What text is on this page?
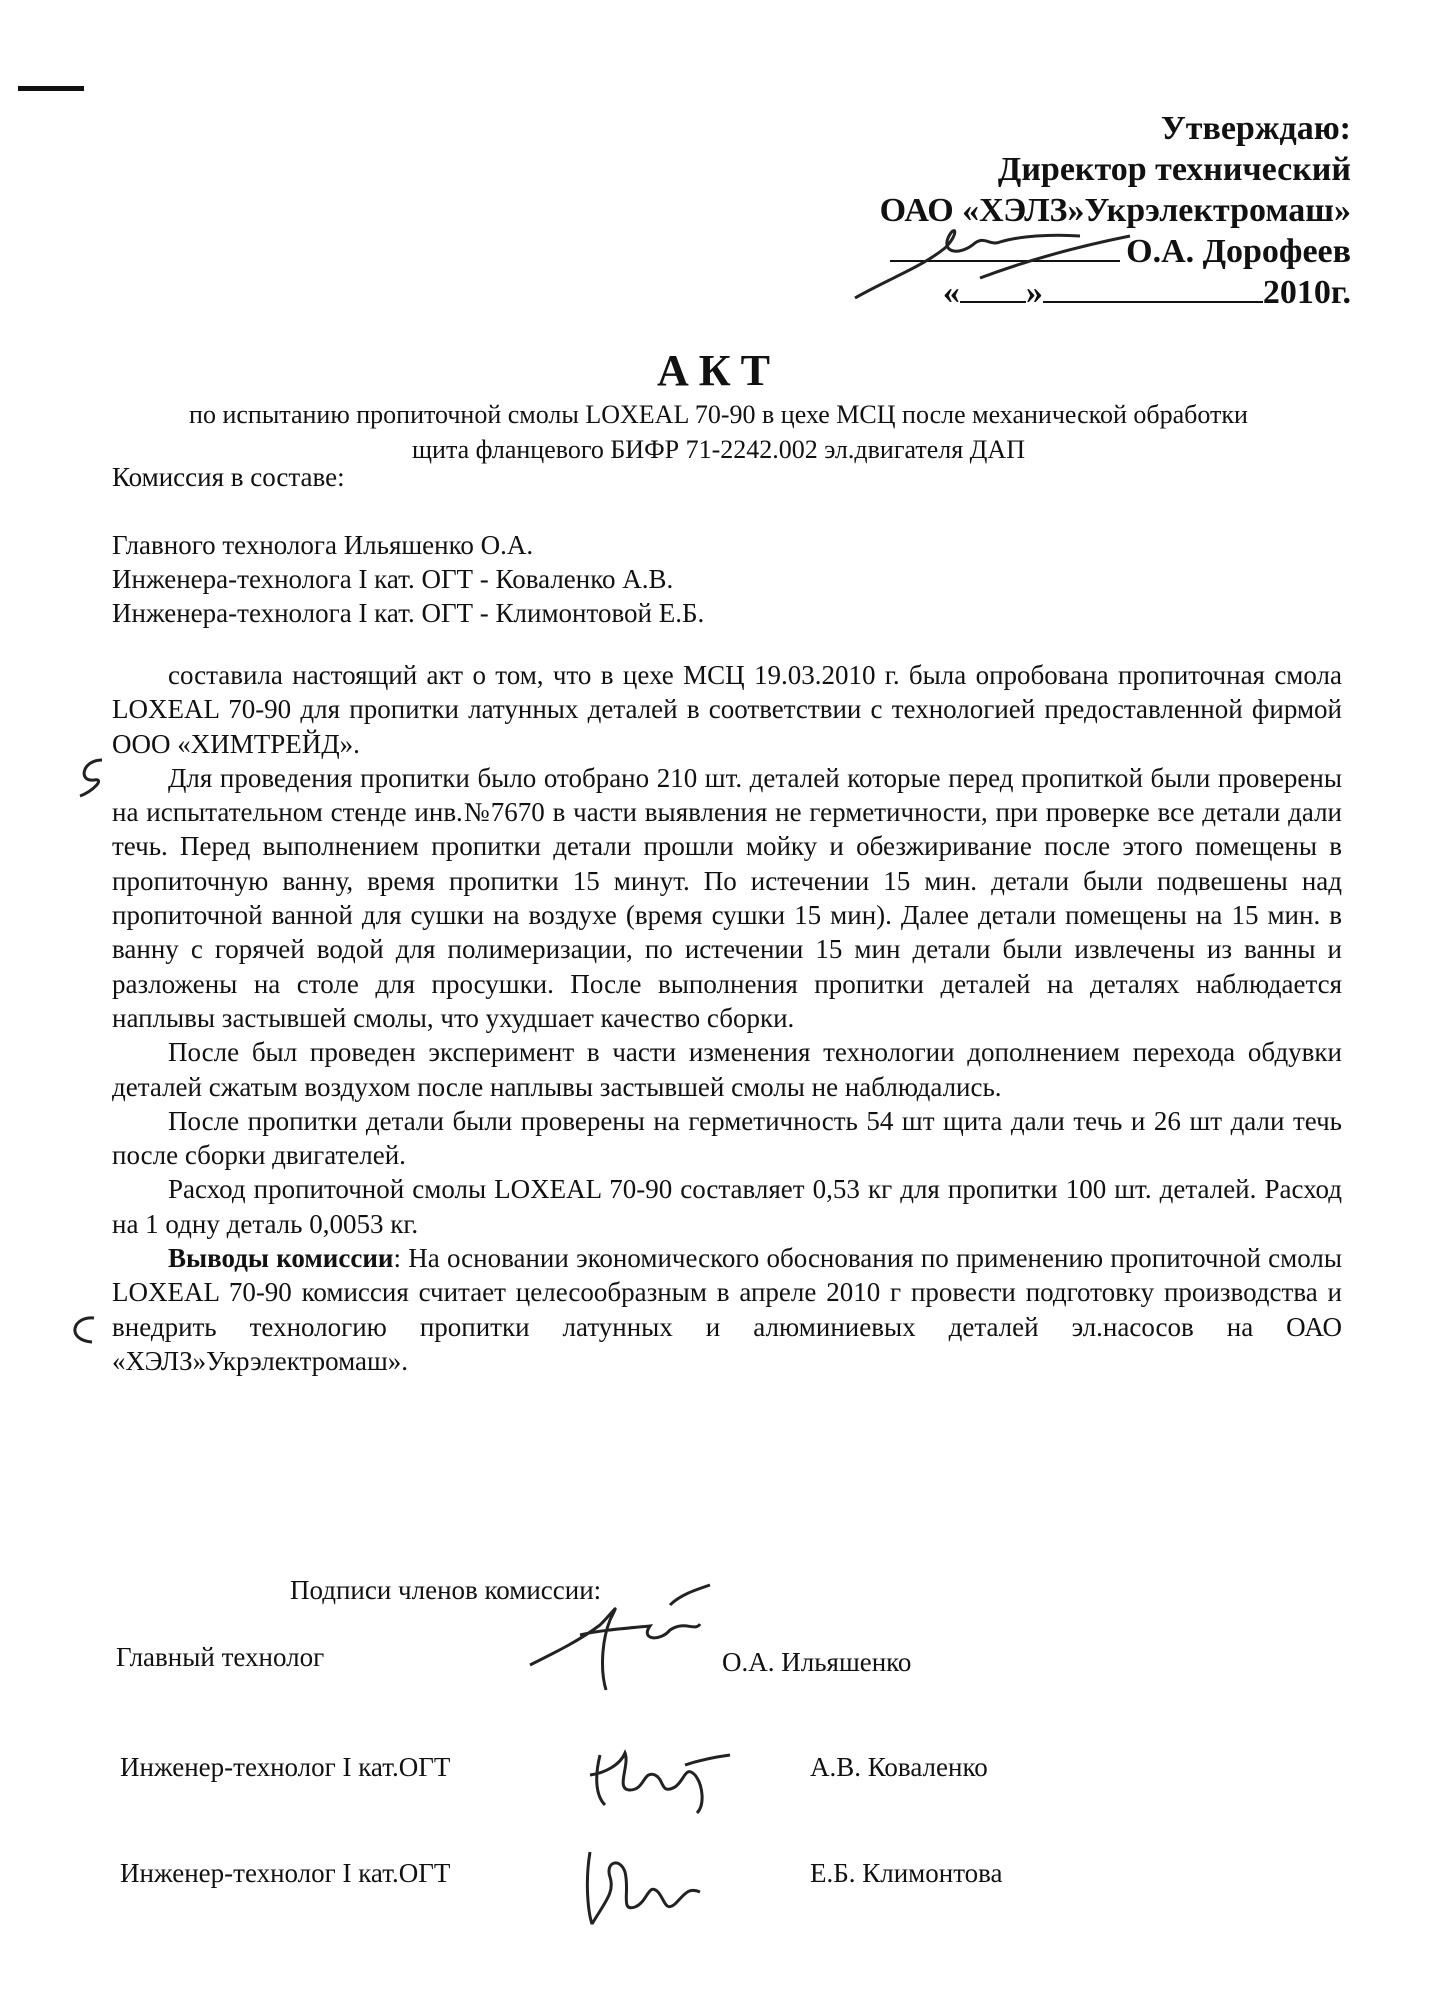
Утверждаю:
Директор технический
ОАО «ХЭЛЗ»Укрэлектромаш»
О.А. Дорофеев
« »	2010г.
АКТ
по испытанию пропиточной смолы LOXEAL 70-90 в цехе МСЦ после механической обработки
щита фланцевого БИФР 71-2242.002 эл.двигателя ДАП
Комиссия в составе:
Главного технолога Ильяшенко О.А.
Инженера-технолога I кат. ОГТ - Коваленко А.В.
Инженера-технолога I кат. ОГТ - Климонтовой Е.Б.

составила настоящий акт о том, что в цехе МСЦ 19.03.2010 г. была опробована пропиточная смола LOXEAL 70-90 для пропитки латунных деталей в соответствии с технологией предоставленной фирмой ООО «ХИМТРЕЙД».

Для проведения пропитки было отобрано 210 шт. деталей которые перед пропиткой были проверены на испытательном стенде инв.№7670 в части выявления не герметичности, при проверке все детали дали течь. Перед выполнением пропитки детали прошли мойку и обезжиривание после этого помещены в пропиточную ванну, время пропитки 15 минут. По истечении 15 мин. детали были подвешены над пропиточной ванной для сушки на воздухе (время сушки 15 мин). Далее детали помещены на 15 мин. в ванну с горячей водой для полимеризации, по истечении 15 мин детали были извлечены из ванны и разложены на столе для просушки. После выполнения пропитки деталей на деталях наблюдается наплывы застывшей смолы, что ухудшает качество сборки.

После был проведен эксперимент в части изменения технологии дополнением перехода обдувки деталей сжатым воздухом после наплывы застывшей смолы не наблюдались.

После пропитки детали были проверены на герметичность 54 шт щита дали течь и 26 шт дали течь после сборки двигателей.

Расход пропиточной смолы LOXEAL 70-90 составляет 0,53 кг для пропитки 100 шт. деталей. Расход на 1 одну деталь 0,0053 кг.

Выводы комиссии: На основании экономического обоснования по применению пропиточной смолы LOXEAL 70-90 комиссия считает целесообразным в апреле 2010 г провести подготовку производства и внедрить технологию пропитки латунных и алюминиевых деталей эл.насосов на ОАО «ХЭЛЗ»Укрэлектромаш».

Подписи членов комиссии:
Главный технолог	О.А. Ильяшенко
Инженер-технолог I кат.ОГТ	А.В. Коваленко
Инженер-технолог I кат.ОГТ	Е.Б. Климонтова
